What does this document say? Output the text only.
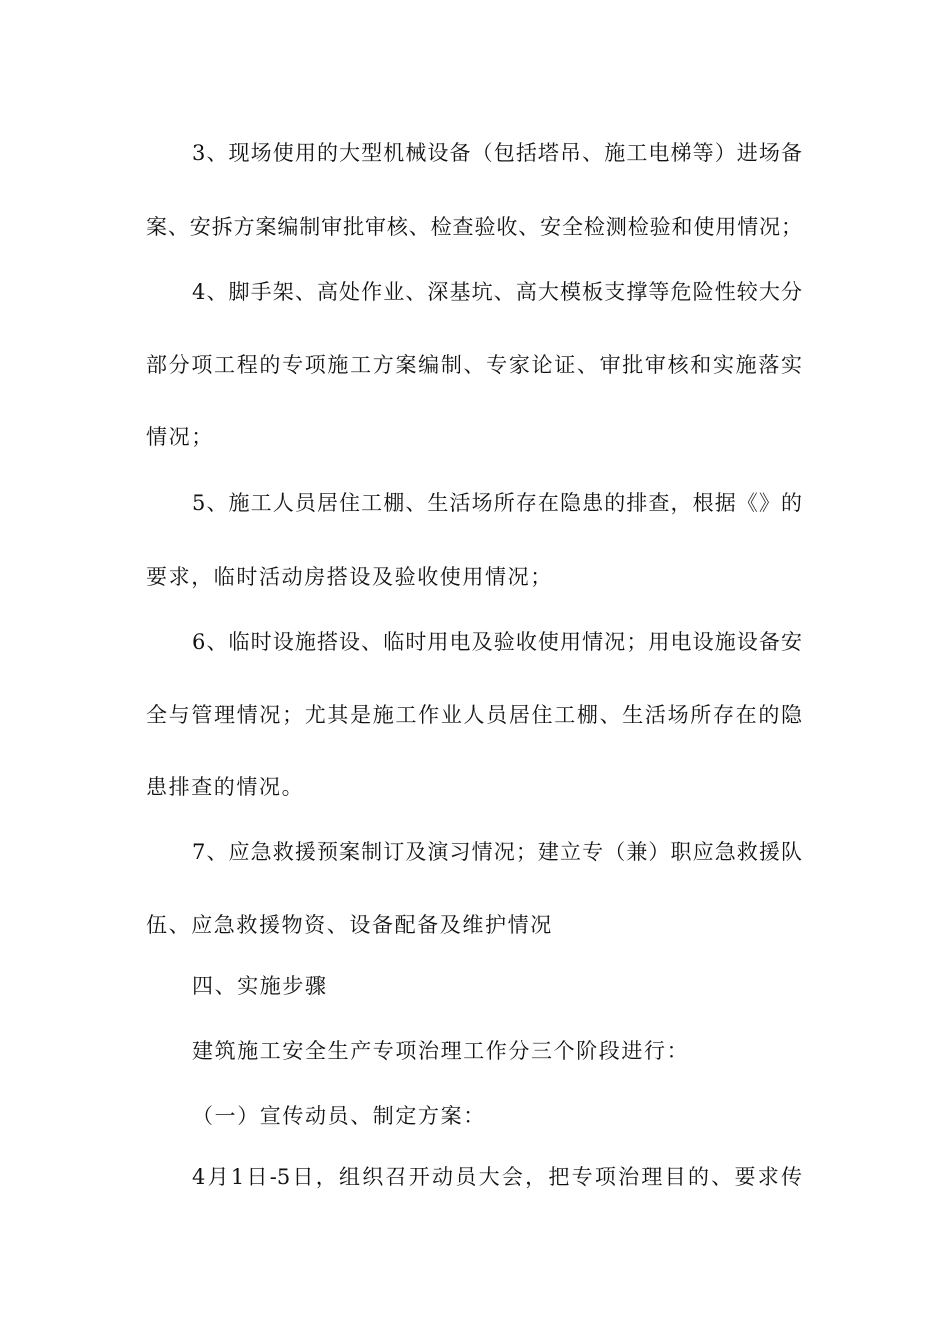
3、现场使用的大型机械设备（包括塔吊、施工电梯等）进场备
案、安拆方案编制审批审核、检查验收、安全检测检验和使用情况；
4、脚手架、高处作业、深基坑、高大模板支撑等危险性较大分
部分项工程的专项施工方案编制、专家论证、审批审核和实施落实
情况；
5、施工人员居住工棚、生活场所存在隐患的排查，根据《》的
要求，临时活动房搭设及验收使用情况；
6、临时设施搭设、临时用电及验收使用情况；用电设施设备安
全与管理情况；尤其是施工作业人员居住工棚、生活场所存在的隐
患排查的情况。
7、应急救援预案制订及演习情况；建立专（兼）职应急救援队
伍、应急救援物资、设备配备及维护情况
四、实施步骤
建筑施工安全生产专项治理工作分三个阶段进行：
（一）宣传动员、制定方案：
4月1日-5日，组织召开动员大会，把专项治理目的、要求传
